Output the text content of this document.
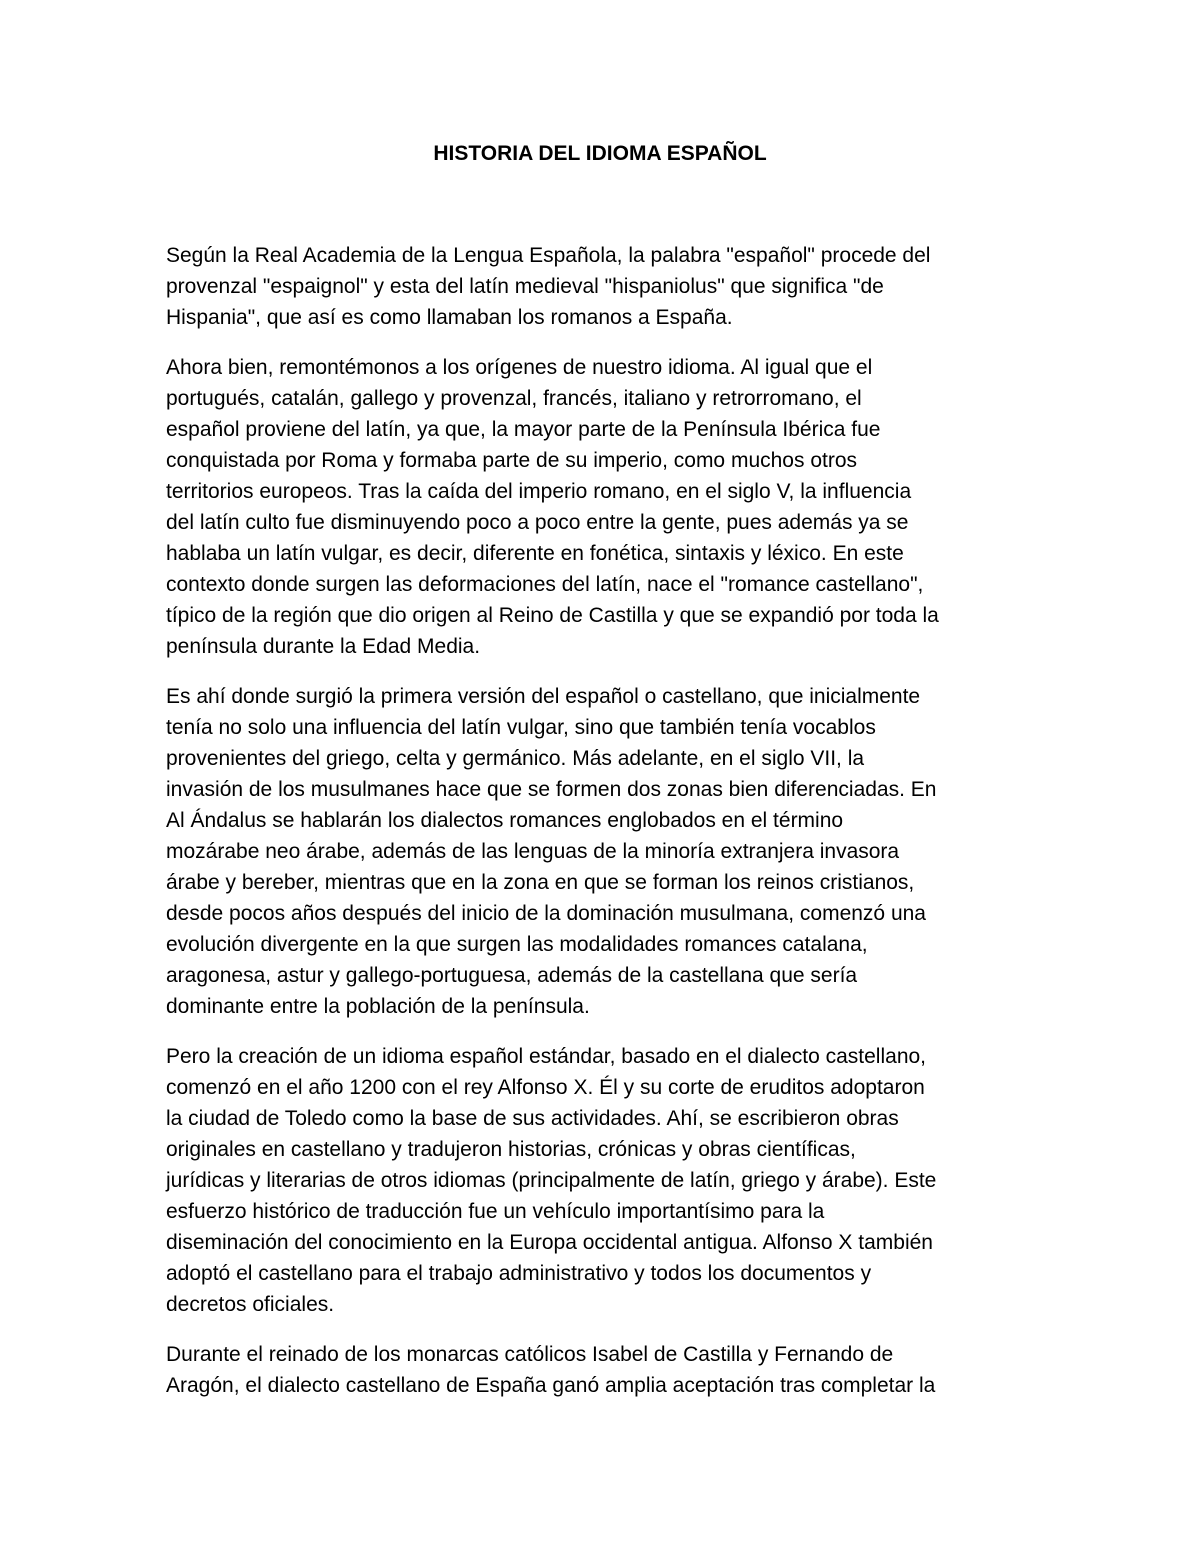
HISTORIA DEL IDIOMA ESPAÑOL

Según la Real Academia de la Lengua Española, la palabra "español" procede del
provenzal "espaignol" y esta del latín medieval "hispaniolus" que significa "de
Hispania", que así es como llamaban los romanos a España.

Ahora bien, remontémonos a los orígenes de nuestro idioma. Al igual que el
portugués, catalán, gallego y provenzal, francés, italiano y retrorromano, el
español proviene del latín, ya que, la mayor parte de la Península Ibérica fue
conquistada por Roma y formaba parte de su imperio, como muchos otros
territorios europeos. Tras la caída del imperio romano, en el siglo V, la influencia
del latín culto fue disminuyendo poco a poco entre la gente, pues además ya se
hablaba un latín vulgar, es decir, diferente en fonética, sintaxis y léxico. En este
contexto donde surgen las deformaciones del latín, nace el "romance castellano",
típico de la región que dio origen al Reino de Castilla y que se expandió por toda la
península durante la Edad Media.

Es ahí donde surgió la primera versión del español o castellano, que inicialmente
tenía no solo una influencia del latín vulgar, sino que también tenía vocablos
provenientes del griego, celta y germánico. Más adelante, en el siglo VII, la
invasión de los musulmanes hace que se formen dos zonas bien diferenciadas. En
Al Ándalus se hablarán los dialectos romances englobados en el término
mozárabe neo árabe, además de las lenguas de la minoría extranjera invasora
árabe y bereber, mientras que en la zona en que se forman los reinos cristianos,
desde pocos años después del inicio de la dominación musulmana, comenzó una
evolución divergente en la que surgen las modalidades romances catalana,
aragonesa, astur y gallego-portuguesa, además de la castellana que sería
dominante entre la población de la península.

Pero la creación de un idioma español estándar, basado en el dialecto castellano,
comenzó en el año 1200 con el rey Alfonso X. Él y su corte de eruditos adoptaron
la ciudad de Toledo como la base de sus actividades. Ahí, se escribieron obras
originales en castellano y tradujeron historias, crónicas y obras científicas,
jurídicas y literarias de otros idiomas (principalmente de latín, griego y árabe). Este
esfuerzo histórico de traducción fue un vehículo importantísimo para la
diseminación del conocimiento en la Europa occidental antigua. Alfonso X también
adoptó el castellano para el trabajo administrativo y todos los documentos y
decretos oficiales.

Durante el reinado de los monarcas católicos Isabel de Castilla y Fernando de
Aragón, el dialecto castellano de España ganó amplia aceptación tras completar la
